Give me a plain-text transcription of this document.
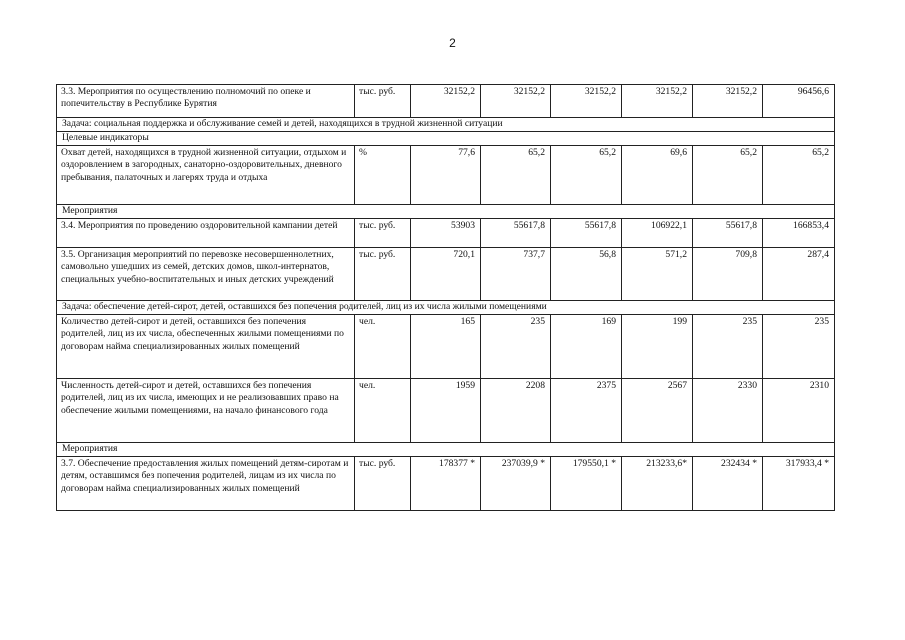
2
3.3. Мероприятия по осуществлению полномочий по опеке и попечительству в Республике Бурятия	тыс. руб.	32152,2	32152,2	32152,2	32152,2	32152,2	96456,6
Задача: социальная поддержка и обслуживание семей и детей, находящихся в трудной жизненной ситуации							
Целевые индикаторы							
Охват детей, находящихся в трудной жизненной ситуации, отдыхом и оздоровлением в загородных, санаторно-оздоровительных, дневного пребывания, палаточных и лагерях труда и отдыха	%	77,6	65,2	65,2	69,6	65,2	65,2
Мероприятия							
3.4. Мероприятия по проведению оздоровительной кампании детей	тыс. руб.	53903	55617,8	55617,8	106922,1	55617,8	166853,4
3.5. Организация мероприятий по перевозке несовершеннолетних, самовольно ушедших из семей, детских домов, школ-интернатов, специальных учебно-воспитательных и иных детских учреждений	тыс. руб.	720,1	737,7	56,8	571,2	709,8	287,4
Задача: обеспечение детей-сирот, детей, оставшихся без попечения родителей, лиц из их числа жилыми помещениями							
Количество детей-сирот и детей, оставшихся без попечения родителей, лиц из их числа, обеспеченных жилыми помещениями по договорам найма специализированных жилых помещений	чел.	165	235	169	199	235	235
Численность детей-сирот и детей, оставшихся без попечения родителей, лиц из их числа, имеющих и не реализовавших право на обеспечение жилыми помещениями, на начало финансового года	чел.	1959	2208	2375	2567	2330	2310
Мероприятия							
3.7. Обеспечение предоставления жилых помещений детям-сиротам и детям, оставшимся без попечения родителей, лицам из их числа по договорам найма специализированных жилых помещений	тыс. руб.	178377 *	237039,9 *	179550,1 *	213233,6*	232434 *	317933,4 *
